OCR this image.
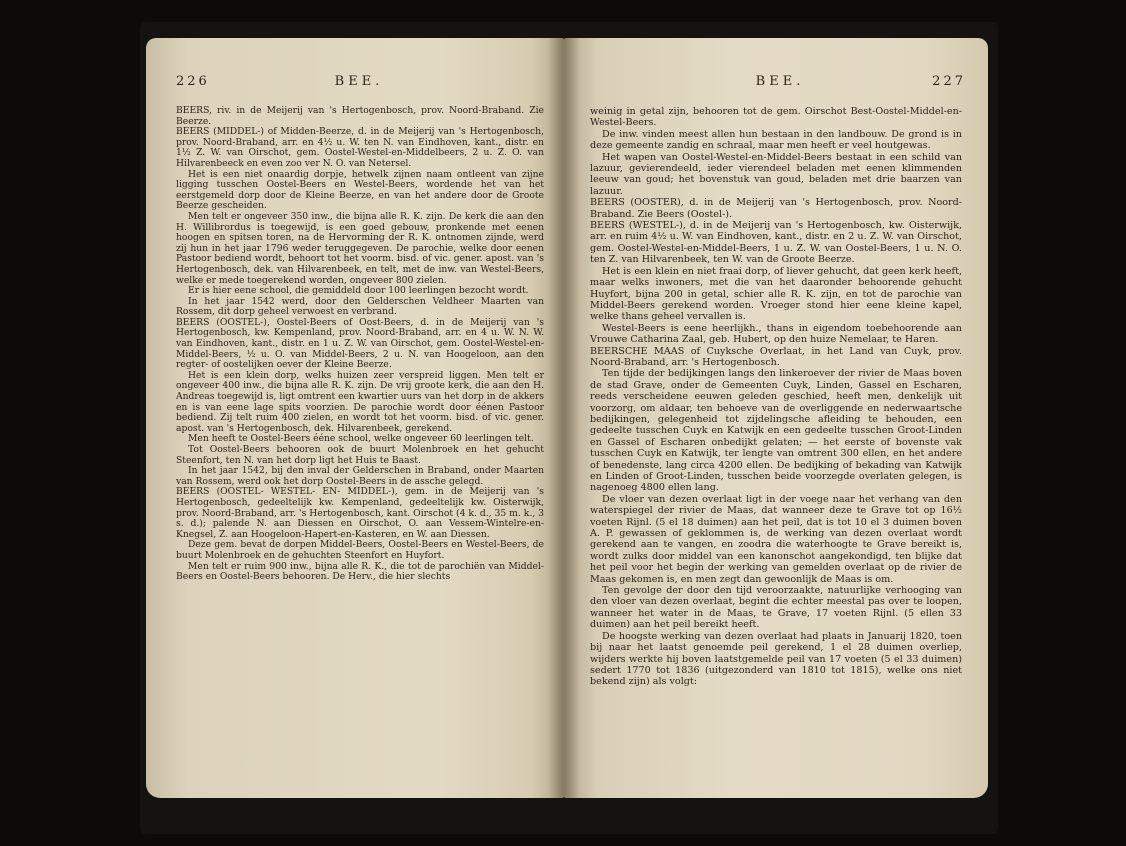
226	BEE.

BEERS, riv. in de Meijerij van 's Hertogenbosch, prov. Noord-Braband. Zie Beerze.

BEERS (MIDDEL-) of Midden-Beerze, d. in de Meijerij van 's Hertogenbosch, prov. Noord-Braband, arr. en 4½ u. W. ten N. van Eindhoven, kant., distr. en 1½ Z. W. van Oirschot, gem. Oostel-Westel-en-Middelbeers, 2 u. Z. O. van Hilvarenbeeck en even zoo ver N. O. van Netersel.

Het is een niet onaardig dorpje, hetwelk zijnen naam ontleent van zijne ligging tusschen Oostel-Beers en Westel-Beers, wordende het van het eerstgemeld dorp door de Kleine Beerze, en van het andere door de Groote Beerze gescheiden.

Men telt er ongeveer 350 inw., die bijna alle R. K. zijn. De kerk die aan den H. Willibrordus is toegewijd, is een goed gebouw, pronkende met eenen hoogen en spitsen toren, na de Hervorming der R. K. ontnomen zijnde, werd zij hun in het jaar 1796 weder teruggegeven. De parochie, welke door eenen Pastoor bediend wordt, behoort tot het voorm. bisd. of vic. gener. apost. van 's Hertogenbosch, dek. van Hilvarenbeek, en telt, met de inw. van Westel-Beers, welke er mede toegerekend worden, ongeveer 800 zielen.

Er is hier eene school, die gemiddeld door 100 leerlingen bezocht wordt.

In het jaar 1542 werd, door den Gelderschen Veldheer Maarten van Rossem, dit dorp geheel verwoest en verbrand.

BEERS (OOSTEL-), Oostel-Beers of Oost-Beers, d. in de Meijerij van 's Hertogenbosch, kw. Kempenland, prov. Noord-Braband, arr. en 4 u. W. N. W. van Eindhoven, kant., distr. en 1 u. Z. W. van Oirschot, gem. Oostel-Westel-en-Middel-Beers, ½ u. O. van Middel-Beers, 2 u. N. van Hoogeloon, aan den regter- of oostelijken oever der Kleine Beerze.

Het is een klein dorp, welks huizen zeer verspreid liggen. Men telt er ongeveer 400 inw., die bijna alle R. K. zijn. De vrij groote kerk, die aan den H. Andreas toegewijd is, ligt omtrent een kwartier uurs van het dorp in de akkers en is van eene lage spits voorzien. De parochie wordt door éénen Pastoor bediend. Zij telt ruim 400 zielen, en wordt tot het voorm. bisd. of vic. gener. apost. van 's Hertogenbosch, dek. Hilvarenbeek, gerekend.

Men heeft te Oostel-Beers ééne school, welke ongeveer 60 leerlingen telt.

Tot Oostel-Beers behooren ook de buurt Molenbroek en het gehucht Steenfort, ten N. van het dorp ligt het Huis te Baast.

In het jaar 1542, bij den inval der Gelderschen in Braband, onder Maarten van Rossem, werd ook het dorp Oostel-Beers in de assche gelegd.

BEERS (OOSTEL- WESTEL- EN- MIDDEL-), gem. in de Meijerij van 's Hertogenbosch, gedeeltelijk kw. Kempenland, gedeeltelijk kw. Oisterwijk, prov. Noord-Braband, arr. 's Hertogenbosch, kant. Oirschot (4 k. d., 35 m. k., 3 s. d.); palende N. aan Diessen en Oirschot, O. aan Vessem-Wintelre-en-Knegsel, Z. aan Hoogeloon-Hapert-en-Kasteren, en W. aan Diessen.

Deze gem. bevat de dorpen Middel-Beers, Oostel-Beers en Westel-Beers, de buurt Molenbroek en de gehuchten Steenfort en Huyfort.

Men telt er ruim 900 inw., bijna alle R. K., die tot de parochiën van Middel-Beers en Oostel-Beers behooren. De Herv., die hier slechts

BEE.	227

weinig in getal zijn, behooren tot de gem. Oirschot Best-Oostel-Middel-en-Westel-Beers.

De inw. vinden meest allen hun bestaan in den landbouw. De grond is in deze gemeente zandig en schraal, maar men heeft er veel houtgewas.

Het wapen van Oostel-Westel-en-Middel-Beers bestaat in een schild van lazuur, gevierendeeld, ieder vierendeel beladen met eenen klimmenden leeuw van goud; het bovenstuk van goud, beladen met drie baarzen van lazuur.

BEERS (OOSTER), d. in de Meijerij van 's Hertogenbosch, prov. Noord-Braband. Zie Beers (Oostel-).

BEERS (WESTEL-), d. in de Meijerij van 's Hertogenbosch, kw. Oisterwijk, arr. en ruim 4½ u. W. van Eindhoven, kant., distr. en 2 u. Z. W. van Oirschot, gem. Oostel-Westel-en-Middel-Beers, 1 u. Z. W. van Oostel-Beers, 1 u. N. O. ten Z. van Hilvarenbeek, ten W. van de Groote Beerze.

Het is een klein en niet fraai dorp, of liever gehucht, dat geen kerk heeft, maar welks inwoners, met die van het daaronder behoorende gehucht Huyfort, bijna 200 in getal, schier alle R. K. zijn, en tot de parochie van Middel-Beers gerekend worden. Vroeger stond hier eene kleine kapel, welke thans geheel vervallen is.

Westel-Beers is eene heerlijkh., thans in eigendom toebehoorende aan Vrouwe Catharina Zaal, geb. Hubert, op den huize Nemelaar, te Haren.

BEERSCHE MAAS of Cuyksche Overlaat, in het Land van Cuyk, prov. Noord-Braband, arr. 's Hertogenbosch.

Ten tijde der bedijkingen langs den linkeroever der rivier de Maas boven de stad Grave, onder de Gemeenten Cuyk, Linden, Gassel en Escharen, reeds verscheidene eeuwen geleden geschied, heeft men, denkelijk uit voorzorg, om aldaar, ten behoeve van de overliggende en nederwaartsche bedijkingen, gelegenheid tot zijdelingsche afleiding te behouden, een gedeelte tusschen Cuyk en Katwijk en een gedeelte tusschen Groot-Linden en Gassel of Escharen onbedijkt gelaten; — het eerste of bovenste vak tusschen Cuyk en Katwijk, ter lengte van omtrent 300 ellen, en het andere of benedenste, lang circa 4200 ellen. De bedijking of bekading van Katwijk en Linden of Groot-Linden, tusschen beide voorzegde overlaten gelegen, is nagenoeg 4800 ellen lang.

De vloer van dezen overlaat ligt in der voege naar het verhang van den waterspiegel der rivier de Maas, dat wanneer deze te Grave tot op 16½ voeten Rijnl. (5 el 18 duimen) aan het peil, dat is tot 10 el 3 duimen boven A. P. gewassen of geklommen is, de werking van dezen overlaat wordt gerekend aan te vangen, en zoodra die waterhoogte te Grave bereikt is, wordt zulks door middel van een kanonschot aangekondigd, ten blijke dat het peil voor het begin der werking van gemelden overlaat op de rivier de Maas gekomen is, en men zegt dan gewoonlijk de Maas is om.

Ten gevolge der door den tijd veroorzaakte, natuurlijke verhooging van den vloer van dezen overlaat, begint die echter meestal pas over te loopen, wanneer het water in de Maas, te Grave, 17 voeten Rijnl. (5 ellen 33 duimen) aan het peil bereikt heeft.

De hoogste werking van dezen overlaat had plaats in Januarij 1820, toen bij naar het laatst genoemde peil gerekend, 1 el 28 duimen overliep, wijders werkte hij boven laatstgemelde peil van 17 voeten (5 el 33 duimen) sedert 1770 tot 1836 (uitgezonderd van 1810 tot 1815), welke ons niet bekend zijn) als volgt:
